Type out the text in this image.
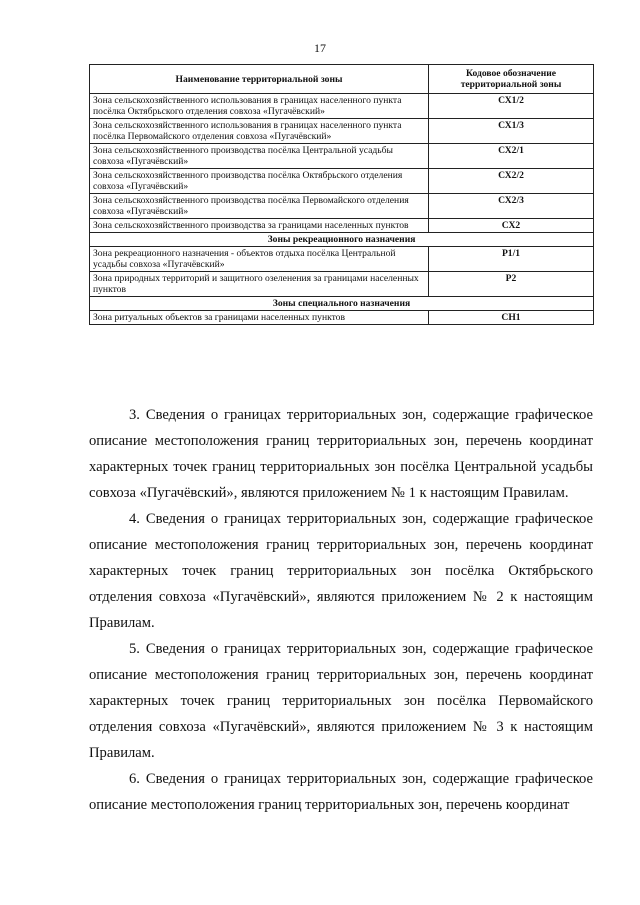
17
Наименование территориальной зоны	Кодовое обозначение территориальной зоны
Зона сельскохозяйственного использования в границах населенного пункта посёлка Октябрьского отделения совхоза «Пугачёвский»	СХ1/2
Зона сельскохозяйственного использования в границах населенного пункта посёлка Первомайского отделения совхоза «Пугачёвский»	СХ1/3
Зона сельскохозяйственного производства посёлка Центральной усадьбы совхоза «Пугачёвский»	СХ2/1
Зона сельскохозяйственного производства посёлка Октябрьского отделения совхоза «Пугачёвский»	СХ2/2
Зона сельскохозяйственного производства посёлка Первомайского отделения совхоза «Пугачёвский»	СХ2/3
Зона сельскохозяйственного производства за границами населенных пунктов	СХ2
Зоны рекреационного назначения	
Зона рекреационного назначения - объектов отдыха посёлка Центральной усадьбы совхоза «Пугачёвский»	Р1/1
Зона природных территорий и защитного озеленения за границами населенных пунктов	Р2
Зоны специального назначения	
Зона ритуальных объектов за границами населенных пунктов	СН1

3. Сведения о границах территориальных зон, содержащие графическое описание местоположения границ территориальных зон, перечень координат характерных точек границ территориальных зон посёлка Центральной усадьбы совхоза «Пугачёвский», являются приложением № 1 к настоящим Правилам.

4. Сведения о границах территориальных зон, содержащие графическое описание местоположения границ территориальных зон, перечень координат характерных точек границ территориальных зон посёлка Октябрьского отделения совхоза «Пугачёвский», являются приложением № 2 к настоящим Правилам.

5. Сведения о границах территориальных зон, содержащие графическое описание местоположения границ территориальных зон, перечень координат характерных точек границ территориальных зон посёлка Первомайского отделения совхоза «Пугачёвский», являются приложением № 3 к настоящим Правилам.

6. Сведения о границах территориальных зон, содержащие графическое описание местоположения границ территориальных зон, перечень координат
